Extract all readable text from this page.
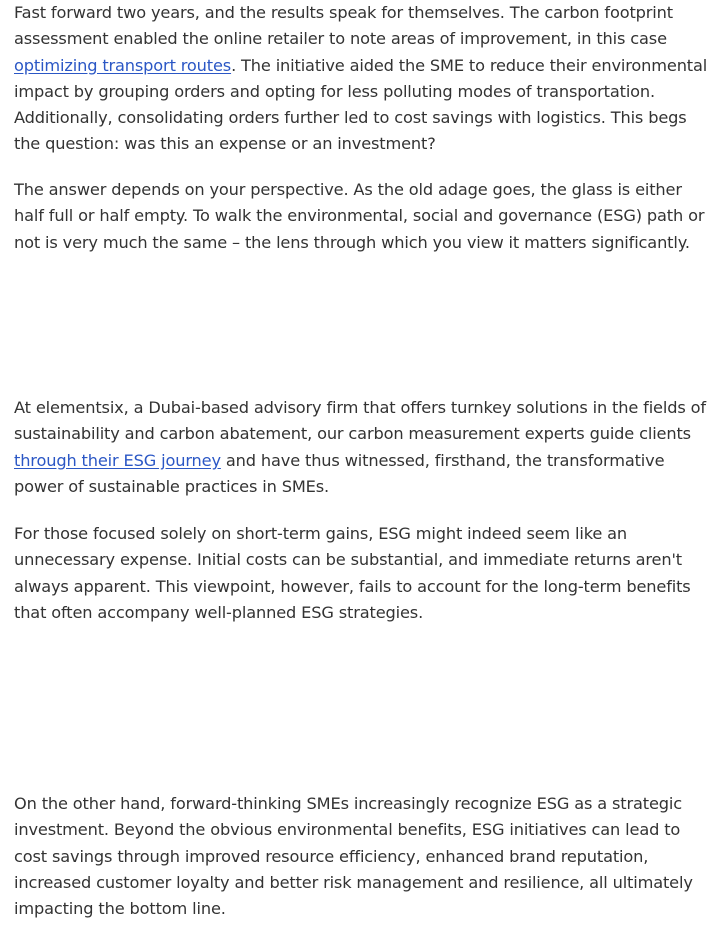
Fast forward two years, and the results speak for themselves. The carbon footprint assessment enabled the online retailer to note areas of improvement, in this case optimizing transport routes. The initiative aided the SME to reduce their environmental impact by grouping orders and opting for less polluting modes of transportation. Additionally, consolidating orders further led to cost savings with logistics. This begs the question: was this an expense or an investment?

The answer depends on your perspective. As the old adage goes, the glass is either half full or half empty. To walk the environmental, social and governance (ESG) path or not is very much the same – the lens through which you view it matters significantly.

At elementsix, a Dubai-based advisory firm that offers turnkey solutions in the fields of sustainability and carbon abatement, our carbon measurement experts guide clients through their ESG journey and have thus witnessed, firsthand, the transformative power of sustainable practices in SMEs.

For those focused solely on short-term gains, ESG might indeed seem like an unnecessary expense. Initial costs can be substantial, and immediate returns aren't always apparent. This viewpoint, however, fails to account for the long-term benefits that often accompany well-planned ESG strategies.

On the other hand, forward-thinking SMEs increasingly recognize ESG as a strategic investment. Beyond the obvious environmental benefits, ESG initiatives can lead to cost savings through improved resource efficiency, enhanced brand reputation, increased customer loyalty and better risk management and resilience, all ultimately impacting the bottom line.
